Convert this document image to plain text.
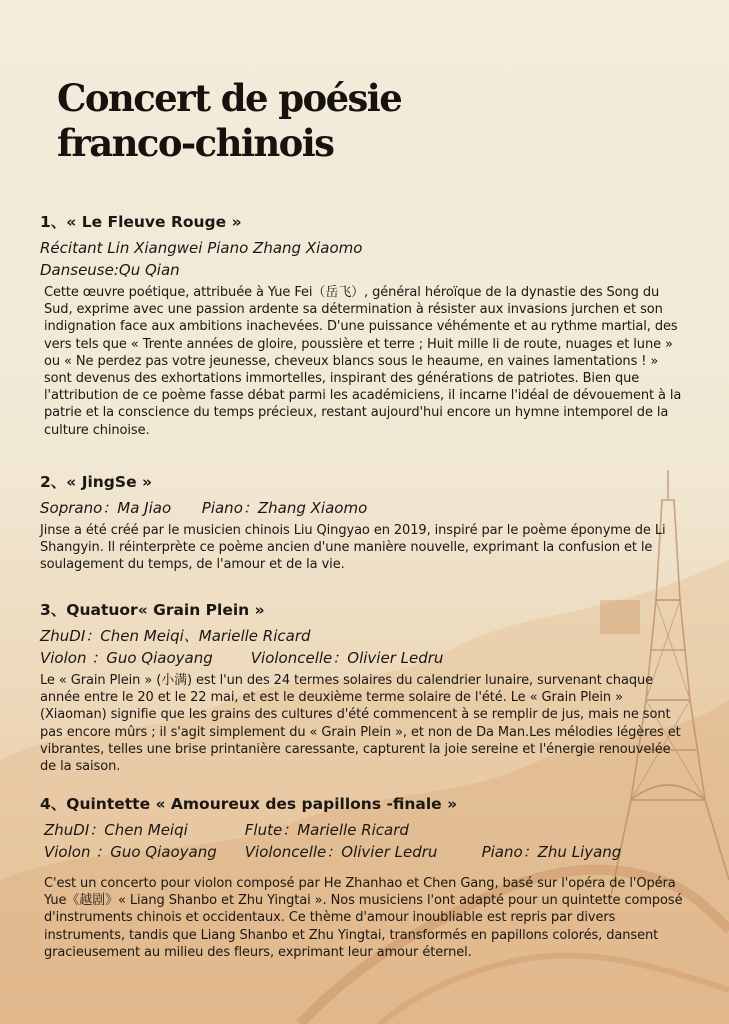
Concert de poésie
franco-chinois
1、« Le Fleuve Rouge »
Récitant Lin Xiangwei Piano Zhang Xiaomo
Danseuse:Qu Qian
Cette œuvre poétique, attribuée à Yue Fei（岳飞）, général héroïque de la dynastie des Song du Sud, exprime avec une passion ardente sa détermination à résister aux invasions jurchen et son indignation face aux ambitions inachevées. D'une puissance véhémente et au rythme martial, des vers tels que « Trente années de gloire, poussière et terre ; Huit mille li de route, nuages et lune » ou « Ne perdez pas votre jeunesse, cheveux blancs sous le heaume, en vaines lamentations ! » sont devenus des exhortations immortelles, inspirant des générations de patriotes. Bien que l'attribution de ce poème fasse débat parmi les académiciens, il incarne l'idéal de dévouement à la patrie et la conscience du temps précieux, restant aujourd'hui encore un hymne intemporel de la culture chinoise.
2、« JingSe »
Soprano：Ma Jiao Piano：Zhang Xiaomo
Jinse a été créé par le musicien chinois Liu Qingyao en 2019, inspiré par le poème éponyme de Li Shangyin. Il réinterprète ce poème ancien d'une manière nouvelle, exprimant la confusion et le soulagement du temps, de l'amour et de la vie.
3、Quatuor« Grain Plein »
ZhuDI：Chen Meiqi、Marielle Ricard
Violon ：Guo Qiaoyang	Violoncelle：Olivier Ledru
Le « Grain Plein » (小满) est l'un des 24 termes solaires du calendrier lunaire, survenant chaque année entre le 20 et le 22 mai, et est le deuxième terme solaire de l'été. Le « Grain Plein » (Xiaoman) signifie que les grains des cultures d'été commencent à se remplir de jus, mais ne sont pas encore mûrs ; il s'agit simplement du « Grain Plein », et non de Da Man.Les mélodies légères et vibrantes, telles une brise printanière caressante, capturent la joie sereine et l'énergie renouvelée de la saison.
4、Quintette « Amoureux des papillons -finale »
ZhuDI：Chen Meiqi	Flute：Marielle Ricard
Violon ：Guo Qiaoyang Violoncelle：Olivier Ledru	Piano：Zhu Liyang
C'est un concerto pour violon composé par He Zhanhao et Chen Gang, basé sur l'opéra de l'Opéra Yue《越剧》« Liang Shanbo et Zhu Yingtai ». Nos musiciens l'ont adapté pour un quintette composé d'instruments chinois et occidentaux. Ce thème d'amour inoubliable est repris par divers instruments, tandis que Liang Shanbo et Zhu Yingtai, transformés en papillons colorés, dansent gracieusement au milieu des fleurs, exprimant leur amour éternel.
